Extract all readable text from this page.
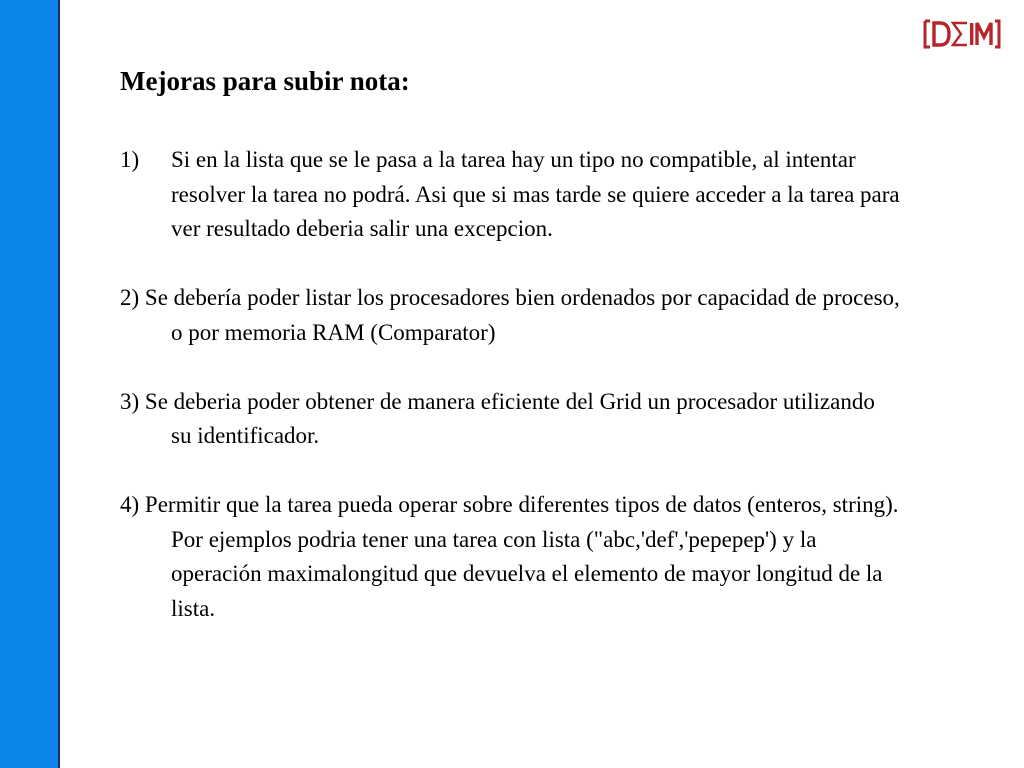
Mejoras para subir nota:
1) Si en la lista que se le pasa a la tarea hay un tipo no compatible, al intentar resolver la tarea no podrá. Asi que si mas tarde se quiere acceder a la tarea para ver resultado deberia salir una excepcion.
2) Se debería poder listar los procesadores bien ordenados por capacidad de proceso, o por memoria RAM (Comparator)
3) Se deberia poder obtener de manera eficiente del Grid un procesador utilizando su identificador.
4) Permitir que la tarea pueda operar sobre diferentes tipos de datos (enteros, string). Por ejemplos podria tener una tarea con lista ("abc,'def','pepepep') y la operación maximalongitud que devuelva el elemento de mayor longitud de la lista.
